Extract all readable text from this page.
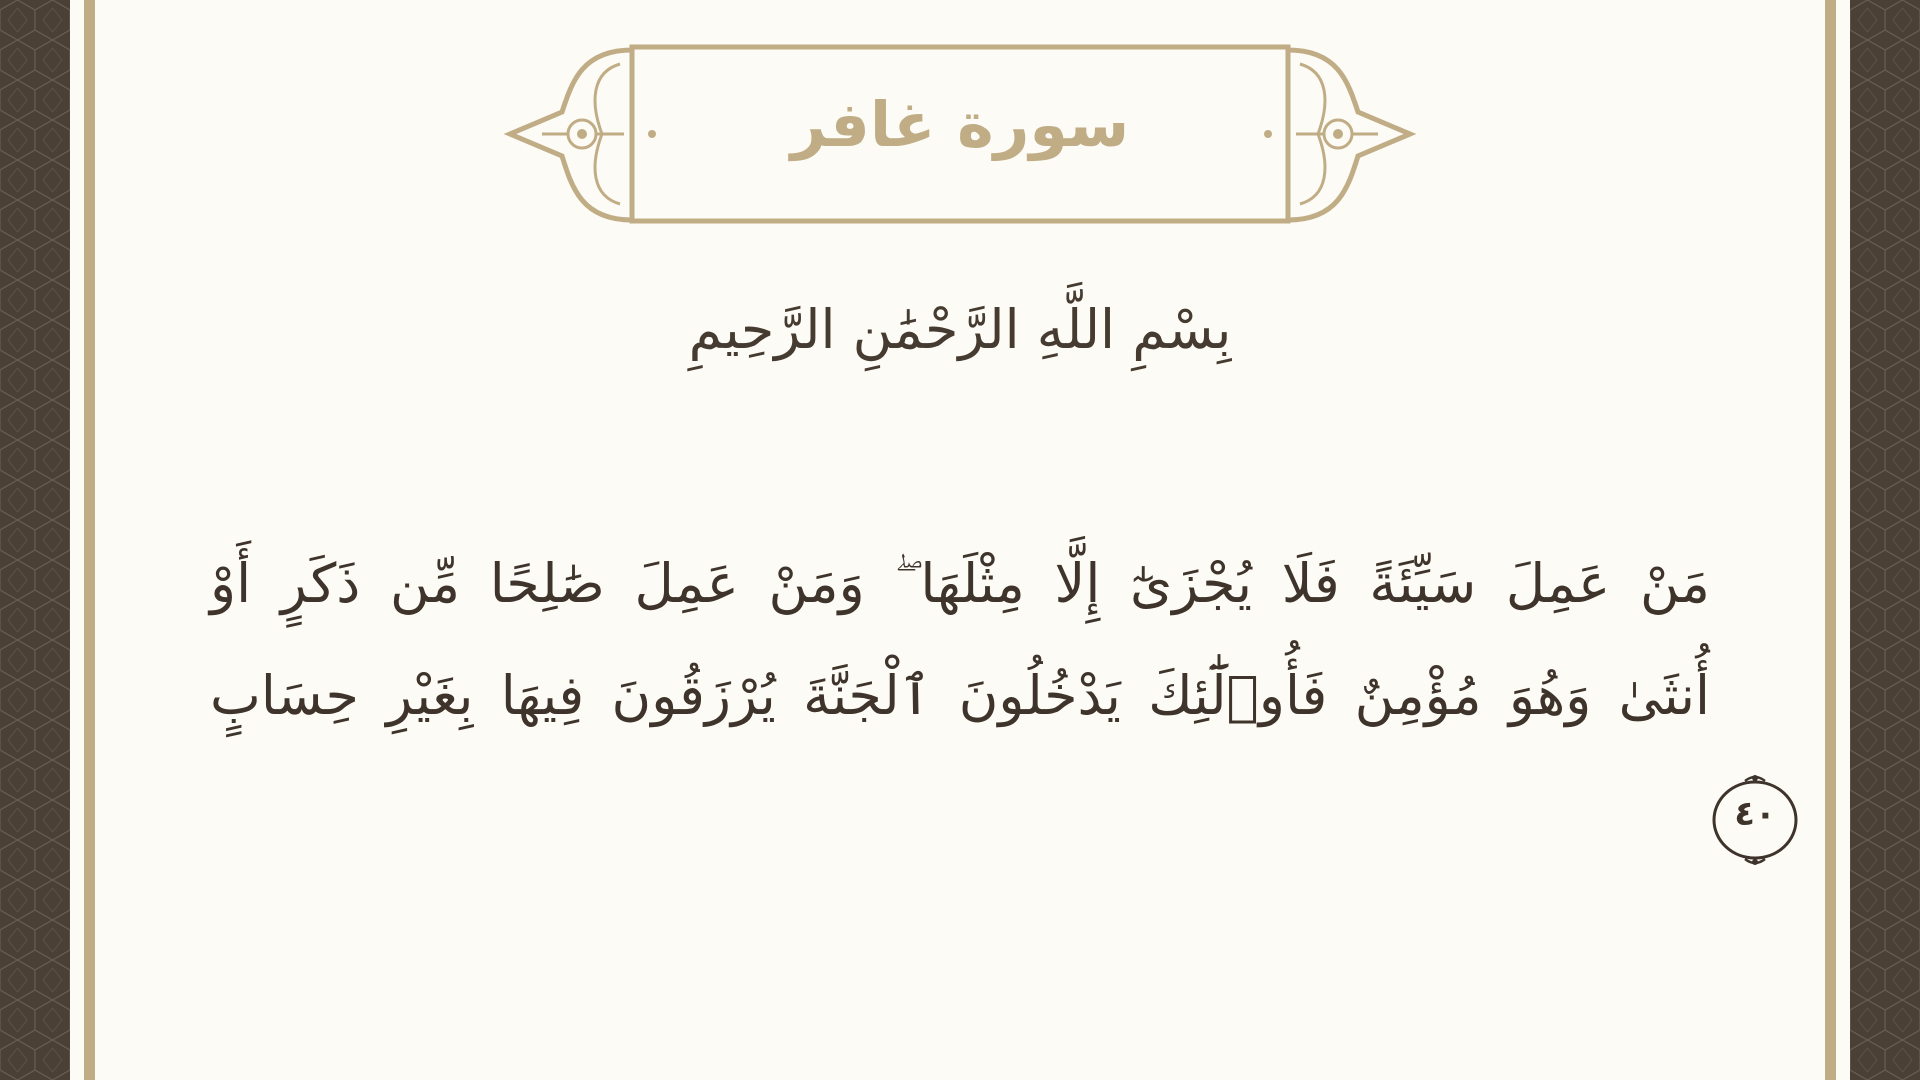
سورة غافر
بِسْمِ اللَّهِ الرَّحْمَٰنِ الرَّحِيمِ
مَنْ عَمِلَ سَيِّئَةً فَلَا يُجْزَىٰٓ إِلَّا مِثْلَهَا ۖ وَمَنْ عَمِلَ صَٰلِحًا مِّن ذَكَرٍ أَوْ
أُنثَىٰ وَهُوَ مُؤْمِنٌ فَأُو۟لَٰٓئِكَ يَدْخُلُونَ ٱلْجَنَّةَ يُرْزَقُونَ فِيهَا بِغَيْرِ حِسَابٍ
٤٠
